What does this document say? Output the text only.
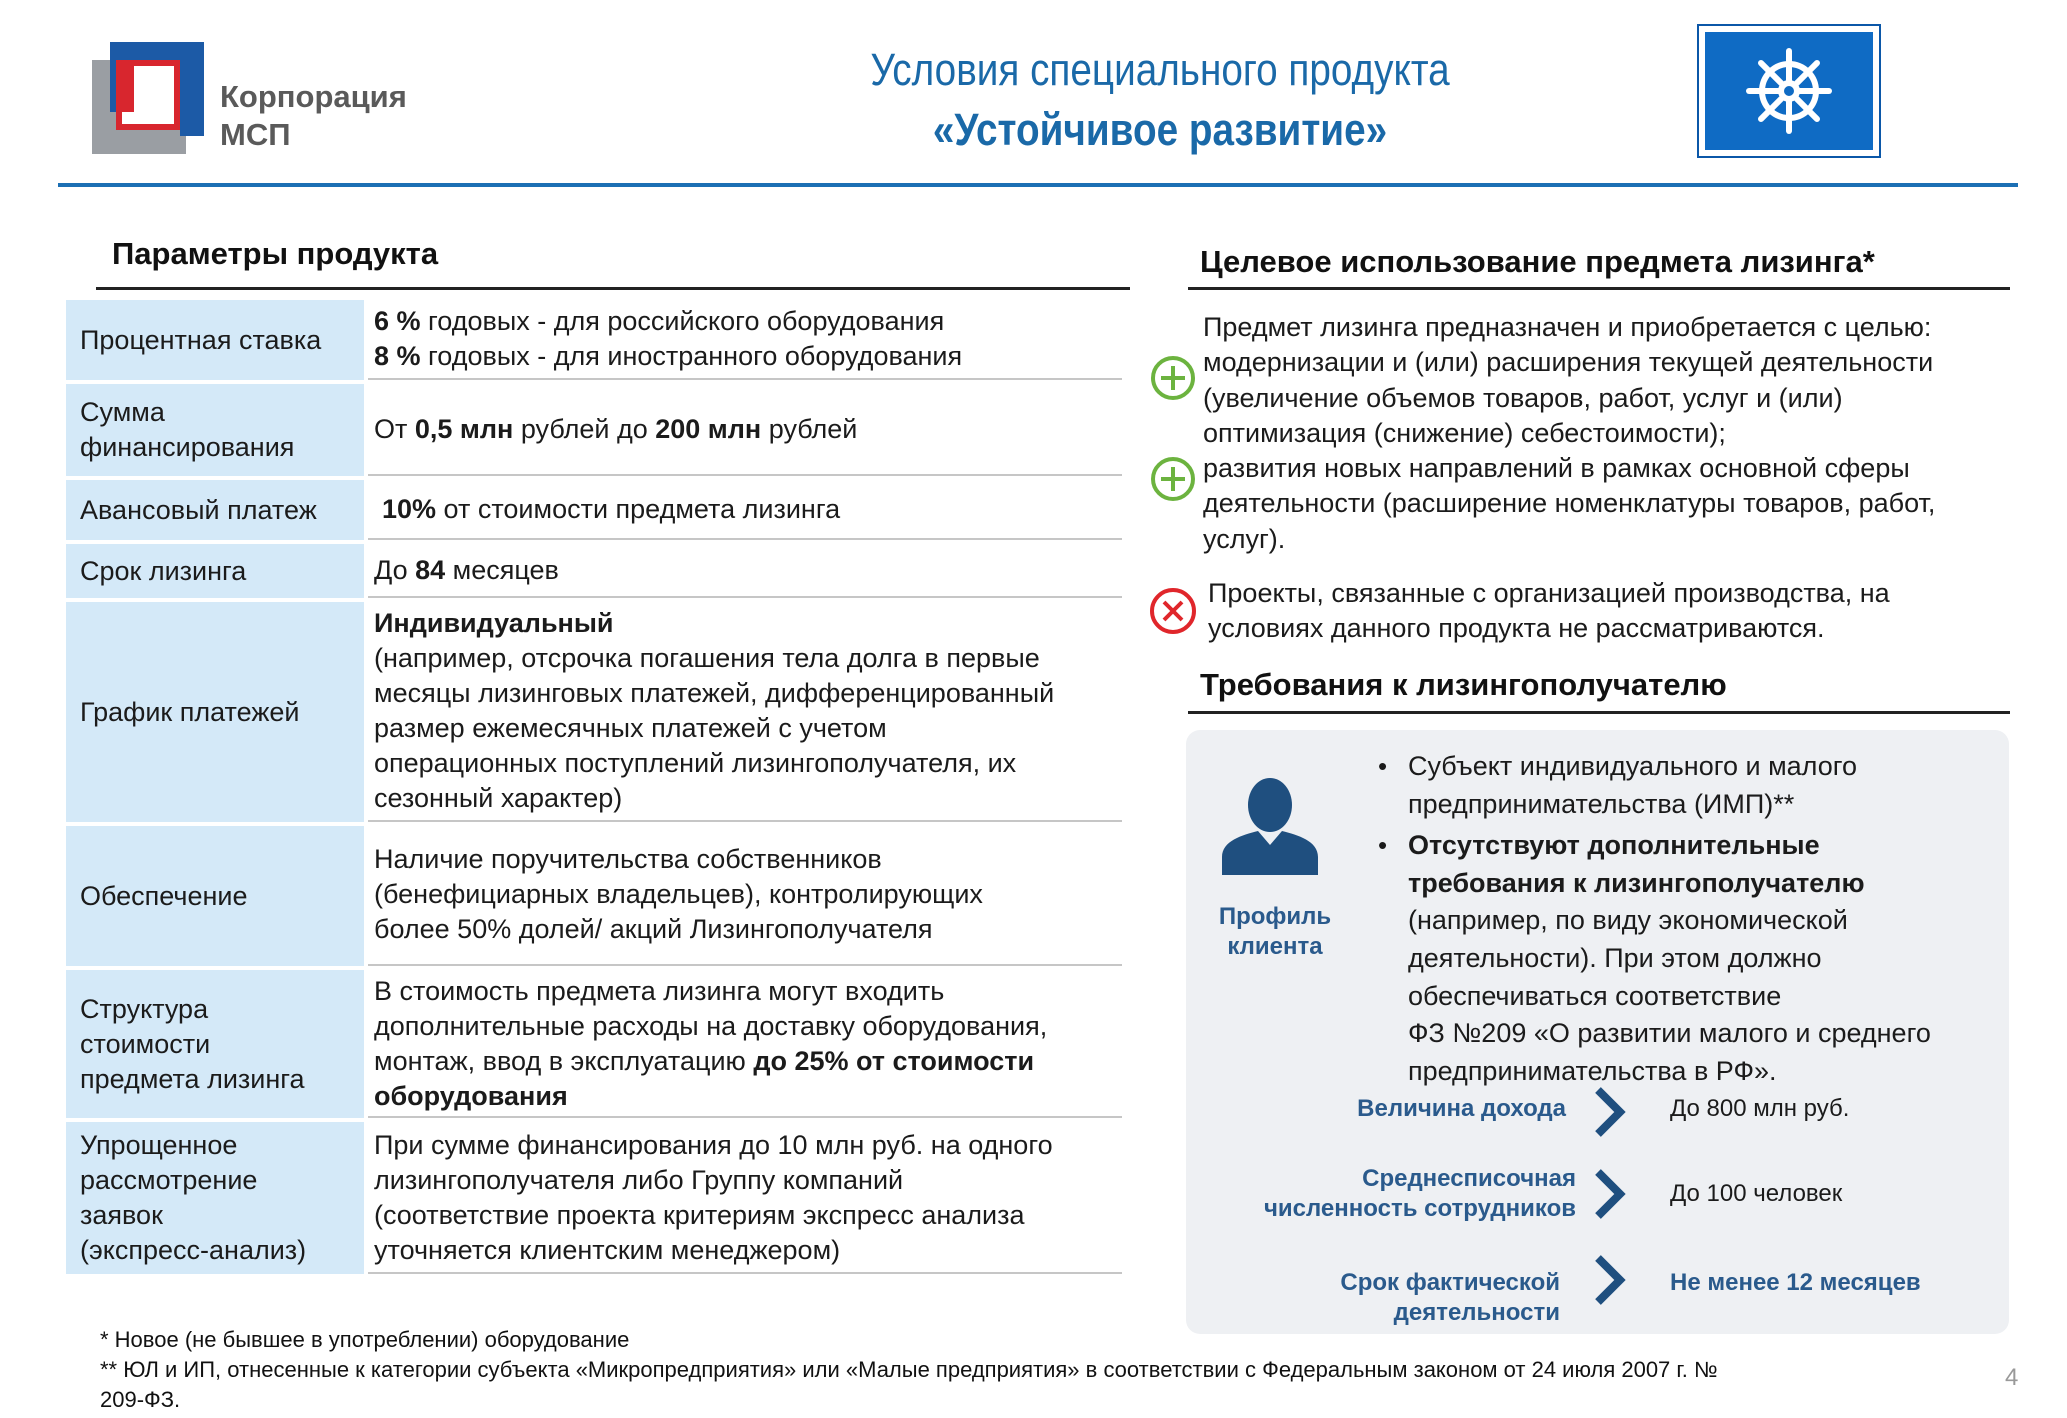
Корпорация
МСП
Условия специального продукта
«Устойчивое развитие»
Параметры продукта
Процентная ставка
6 % годовых - для российского оборудования
8 % годовых - для иностранного оборудования
Сумма
финансирования
От 0,5 млн рублей до 200 млн рублей
Авансовый платеж 10% от стоимости предмета лизинга
Срок лизинга	До 84 месяцев
График платежей
Индивидуальный
(например, отсрочка погашения тела долга в первые
месяцы лизинговых платежей, дифференцированный
размер ежемесячных платежей с учетом
операционных поступлений лизингополучателя, их
сезонный характер)
Обеспечение
Наличие поручительства собственников
(бенефициарных владельцев), контролирующих
более 50% долей/ акций Лизингополучателя
Структура
стоимости
предмета лизинга
В стоимость предмета лизинга могут входить
дополнительные расходы на доставку оборудования,
монтаж, ввод в эксплуатацию до 25% от стоимости
оборудования
Упрощенное
рассмотрение
заявок
(экспресс-анализ)
При сумме финансирования до 10 млн руб. на одного
лизингополучателя либо Группу компаний
(соответствие проекта критериям экспресс анализа
уточняется клиентским менеджером)
Целевое использование предмета лизинга*
Предмет лизинга предназначен и приобретается с целью:
модернизации и (или) расширения текущей деятельности
(увеличение объемов товаров, работ, услуг и (или)
оптимизация (снижение) себестоимости);
развития новых направлений в рамках основной сферы
деятельности (расширение номенклатуры товаров, работ,
услуг).
Проекты, связанные с организацией производства, на
условиях данного продукта не рассматриваются.
Требования к лизингополучателю
Профиль
клиента
• Субъект индивидуального и малого
предпринимательства (ИМП)**
• Отсутствуют дополнительные
требования к лизингополучателю
(например, по виду экономической
деятельности). При этом должно
обеспечиваться соответствие
ФЗ №209 «О развитии малого и среднего
предпринимательства в РФ».
Величина дохода	До 800 млн руб.
Среднесписочная
численность сотрудников
До 100 человек
Срок фактической
деятельности
Не менее 12 месяцев
* Новое (не бывшее в употреблении) оборудование
** ЮЛ и ИП, отнесенные к категории субъекта «Микропредприятия» или «Малые предприятия» в соответствии с Федеральным законом от 24 июля 2007 г. №
209-ФЗ.
4
